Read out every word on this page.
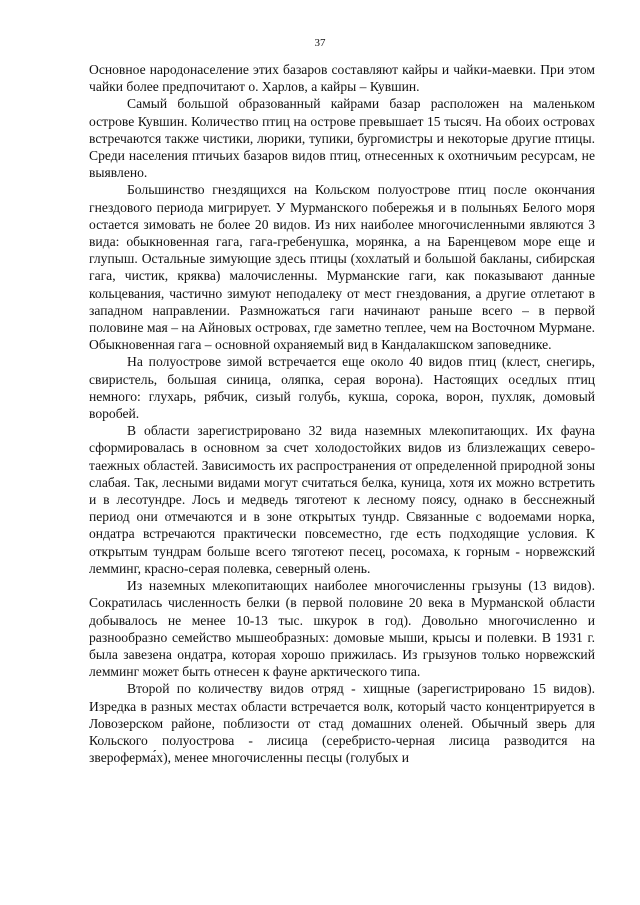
37

Основное народонаселение этих базаров составляют кайры и чайки-маевки. При этом чайки более предпочитают о. Харлов, а кайры – Кувшин.

Самый большой образованный кайрами базар расположен на маленьком острове Кувшин. Количество птиц на острове превышает 15 тысяч. На обоих островах встречаются также чистики, люрики, тупики, бургомистры и некоторые другие птицы. Среди населения птичьих базаров видов птиц, отнесенных к охотничьим ресурсам, не выявлено.

Большинство гнездящихся на Кольском полуострове птиц после окончания гнездового периода мигрирует. У Мурманского побережья и в полыньях Белого моря остается зимовать не более 20 видов. Из них наиболее многочисленными являются 3 вида: обыкновенная гага, гага-гребенушка, морянка, а на Баренцевом море еще и глупыш. Остальные зимующие здесь птицы (хохлатый и большой бакланы, сибирская гага, чистик, кряква) малочисленны. Мурманские гаги, как показывают данные кольцевания, частично зимуют неподалеку от мест гнездования, а другие отлетают в западном направлении. Размножаться гаги начинают раньше всего – в первой половине мая – на Айновых островах, где заметно теплее, чем на Восточном Мурмане. Обыкновенная гага – основной охраняемый вид в Кандалакшском заповеднике.

На полуострове зимой встречается еще около 40 видов птиц (клест, снегирь, свиристель, большая синица, оляпка, серая ворона). Настоящих оседлых птиц немного: глухарь, рябчик, сизый голубь, кукша, сорока, ворон, пухляк, домовый воробей.

В области зарегистрировано 32 вида наземных млекопитающих. Их фауна сформировалась в основном за счет холодостойких видов из близлежащих северо-таежных областей. Зависимость их распространения от определенной природной зоны слабая. Так, лесными видами могут считаться белка, куница, хотя их можно встретить и в лесотундре. Лось и медведь тяготеют к лесному поясу, однако в бесснежный период они отмечаются и в зоне открытых тундр. Связанные с водоемами норка, ондатра встречаются практически повсеместно, где есть подходящие условия. К открытым тундрам больше всего тяготеют песец, росомаха, к горным - норвежский лемминг, красно-серая полевка, северный олень.

Из наземных млекопитающих наиболее многочисленны грызуны (13 видов). Сократилась численность белки (в первой половине 20 века в Мурманской области добывалось не менее 10-13 тыс. шкурок в год). Довольно многочисленно и разнообразно семейство мышеобразных: домовые мыши, крысы и полевки. В 1931 г. была завезена ондатра, которая хорошо прижилась. Из грызунов только норвежский лемминг может быть отнесен к фауне арктического типа.

Второй по количеству видов отряд - хищные (зарегистрировано 15 видов). Изредка в разных местах области встречается волк, который часто концентрируется в Ловозерском районе, поблизости от стад домашних оленей. Обычный зверь для Кольского полуострова - лисица (серебристо-черная лисица разводится на звероферма́х), менее многочисленны песцы (голубых и
